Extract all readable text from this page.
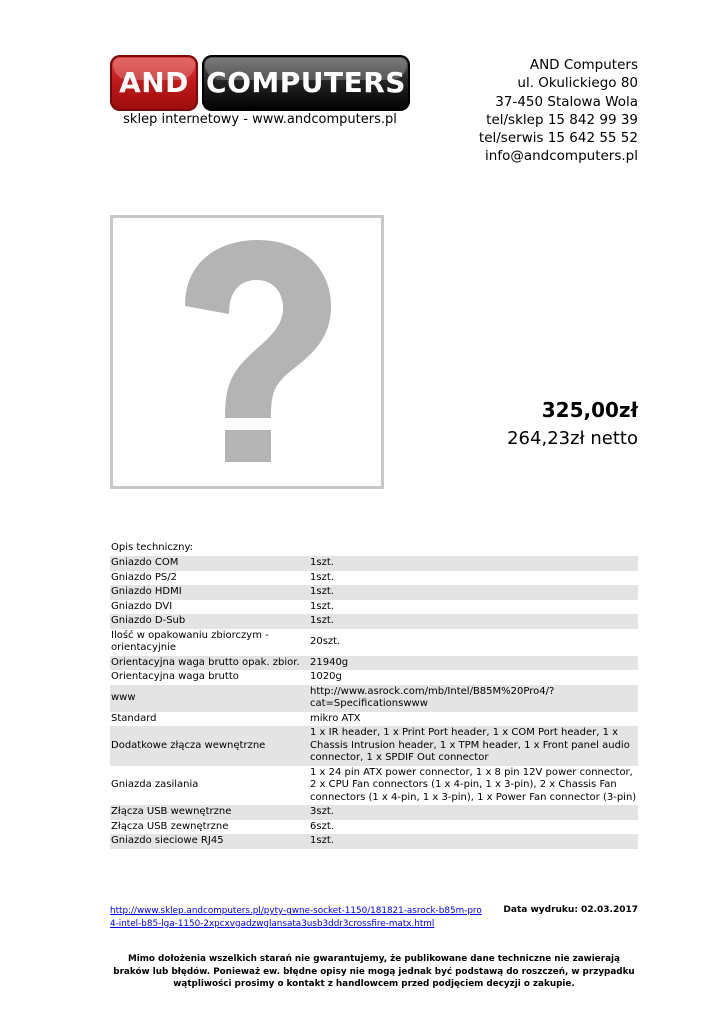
AND COMPUTERS
sklep internetowy - www.andcomputers.pl
AND Computers
ul. Okulickiego 80
37-450 Stalowa Wola
tel/sklep 15 842 99 39
tel/serwis 15 642 55 52
info@andcomputers.pl
325,00zł
264,23zł netto
Opis techniczny:
Gniazdo COM	1szt.
Gniazdo PS/2	1szt.
Gniazdo HDMI	1szt.
Gniazdo DVI	1szt.
Gniazdo D-Sub	1szt.
Ilość w opakowaniu zbiorczym - orientacyjnie	20szt.
Orientacyjna waga brutto opak. zbior.	21940g
Orientacyjna waga brutto	1020g
www	http://www.asrock.com/mb/Intel/B85M%20Pro4/?cat=Specificationswww
Standard	mikro ATX
Dodatkowe złącza wewnętrzne	1 x IR header, 1 x Print Port header, 1 x COM Port header, 1 x Chassis Intrusion header, 1 x TPM header, 1 x Front panel audio connector, 1 x SPDIF Out connector
Gniazda zasilania	1 x 24 pin ATX power connector, 1 x 8 pin 12V power connector, 2 x CPU Fan connectors (1 x 4-pin, 1 x 3-pin), 2 x Chassis Fan connectors (1 x 4-pin, 1 x 3-pin), 1 x Power Fan connector (3-pin)
Złącza USB wewnętrzne	3szt.
Złącza USB zewnętrzne	6szt.
Gniazdo sieciowe RJ45	1szt.
http://www.sklep.andcomputers.pl/pyty-gwne-socket-1150/181821-asrock-b85m-pro4-intel-b85-lga-1150-2xpcxvgadzwglansata3usb3ddr3crossfire-matx.html
Data wydruku: 02.03.2017
Mimo dołożenia wszelkich starań nie gwarantujemy, że publikowane dane techniczne nie zawierają braków lub błędów. Ponieważ ew. błędne opisy nie mogą jednak być podstawą do roszczeń, w przypadku wątpliwości prosimy o kontakt z handlowcem przed podjęciem decyzji o zakupie.
